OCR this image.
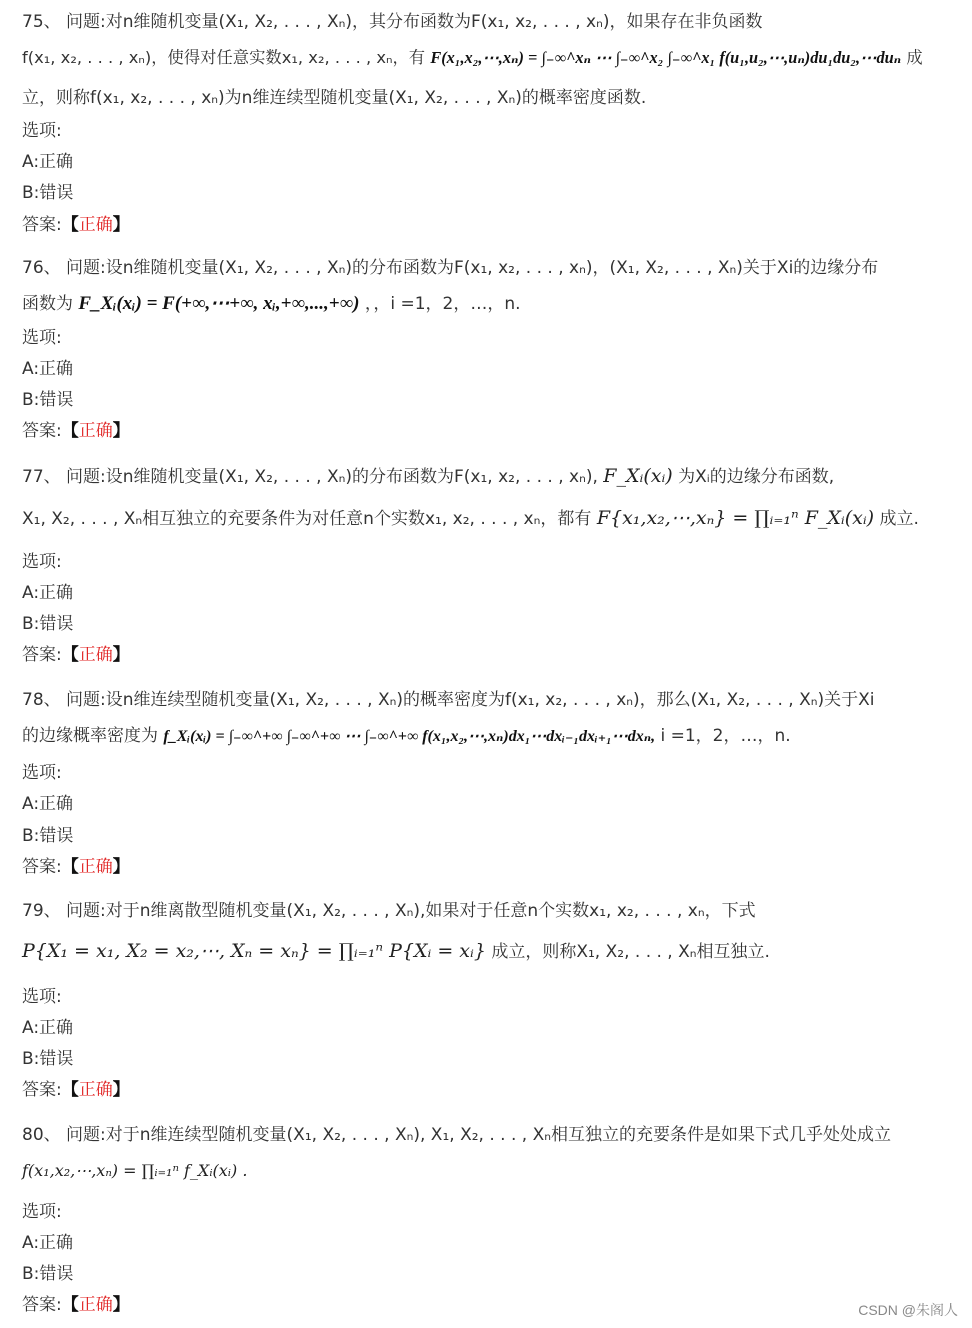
75、 问题:对n维随机变量(X₁, X₂, . . . , Xₙ)，其分布函数为F(x₁, x₂, . . . , xₙ)，如果存在非负函数
f(x₁, x₂, . . . , xₙ)，使得对任意实数x₁, x₂, . . . , xₙ，有 F(x₁,x₂,⋯,xₙ) = ∫₋∞^xₙ ⋯ ∫₋∞^x₂ ∫₋∞^x₁ f(u₁,u₂,⋯,uₙ)du₁du₂,⋯duₙ 成
立，则称f(x₁, x₂, . . . , xₙ)为n维连续型随机变量(X₁, X₂, . . . , Xₙ)的概率密度函数.
选项:
A:正确
B:错误
答案:【正确】
76、 问题:设n维随机变量(X₁, X₂, . . . , Xₙ)的分布函数为F(x₁, x₂, . . . , xₙ)，(X₁, X₂, . . . , Xₙ)关于Xi的边缘分布
函数为 F_Xᵢ(xᵢ) = F(+∞,⋯+∞, xᵢ,+∞,...,+∞) ，，i =1，2，…，n.
选项:
A:正确
B:错误
答案:【正确】
77、 问题:设n维随机变量(X₁, X₂, . . . , Xₙ)的分布函数为F(x₁, x₂, . . . , xₙ), F_Xᵢ(xᵢ) 为Xᵢ的边缘分布函数,
X₁, X₂, . . . , Xₙ相互独立的充要条件为对任意n个实数x₁, x₂, . . . , xₙ，都有 F{x₁,x₂,⋯,xₙ} = ∏ᵢ₌₁ⁿ F_Xᵢ(xᵢ) 成立.
选项:
A:正确
B:错误
答案:【正确】
78、 问题:设n维连续型随机变量(X₁, X₂, . . . , Xₙ)的概率密度为f(x₁, x₂, . . . , xₙ)，那么(X₁, X₂, . . . , Xₙ)关于Xi
的边缘概率密度为 f_Xᵢ(xᵢ) = ∫₋∞^+∞ ∫₋∞^+∞ ⋯ ∫₋∞^+∞ f(x₁,x₂,⋯,xₙ)dx₁⋯dxᵢ₋₁dxᵢ₊₁⋯dxₙ, i =1，2，…，n.
选项:
A:正确
B:错误
答案:【正确】
79、 问题:对于n维离散型随机变量(X₁, X₂, . . . , Xₙ),如果对于任意n个实数x₁, x₂, . . . , xₙ，下式
P{X₁ = x₁, X₂ = x₂,⋯, Xₙ = xₙ} = ∏ᵢ₌₁ⁿ P{Xᵢ = xᵢ} 成立，则称X₁, X₂, . . . , Xₙ相互独立.
选项:
A:正确
B:错误
答案:【正确】
80、 问题:对于n维连续型随机变量(X₁, X₂, . . . , Xₙ), X₁, X₂, . . . , Xₙ相互独立的充要条件是如果下式几乎处处成立
f(x₁,x₂,⋯,xₙ) = ∏ᵢ₌₁ⁿ f_Xᵢ(xᵢ) .
选项:
A:正确
B:错误
答案:【正确】	CSDN @朱阁人
